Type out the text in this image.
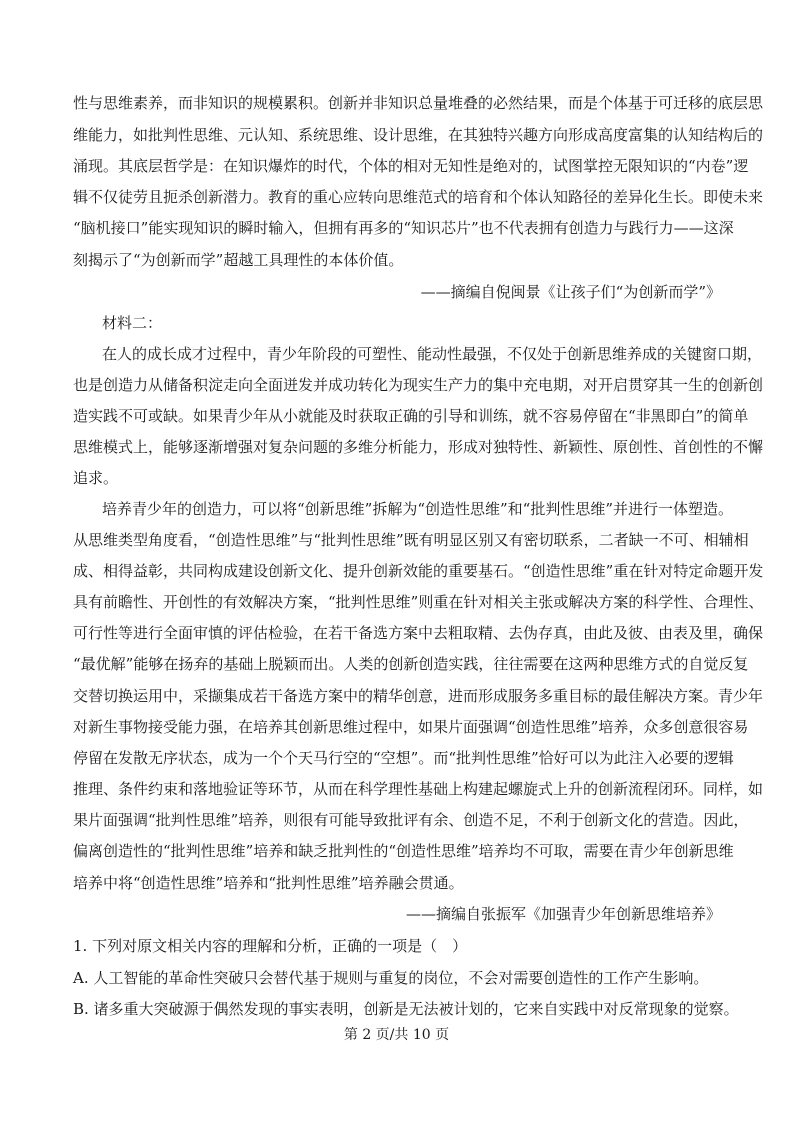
性与思维素养，而非知识的规模累积。创新并非知识总量堆叠的必然结果，而是个体基于可迁移的底层思
维能力，如批判性思维、元认知、系统思维、设计思维，在其独特兴趣方向形成高度富集的认知结构后的
涌现。其底层哲学是：在知识爆炸的时代，个体的相对无知性是绝对的，试图掌控无限知识的“内卷”逻
辑不仅徒劳且扼杀创新潜力。教育的重心应转向思维范式的培育和个体认知路径的差异化生长。即使未来
“脑机接口”能实现知识的瞬时输入，但拥有再多的“知识芯片”也不代表拥有创造力与践行力——这深
刻揭示了“为创新而学”超越工具理性的本体价值。
——摘编自倪闽景《让孩子们“为创新而学”》
材料二：
在人的成长成才过程中，青少年阶段的可塑性、能动性最强，不仅处于创新思维养成的关键窗口期，
也是创造力从储备积淀走向全面迸发并成功转化为现实生产力的集中充电期，对开启贯穿其一生的创新创
造实践不可或缺。如果青少年从小就能及时获取正确的引导和训练，就不容易停留在“非黑即白”的简单
思维模式上，能够逐渐增强对复杂问题的多维分析能力，形成对独特性、新颖性、原创性、首创性的不懈
追求。
培养青少年的创造力，可以将“创新思维”拆解为“创造性思维”和“批判性思维”并进行一体塑造。
从思维类型角度看，“创造性思维”与“批判性思维”既有明显区别又有密切联系，二者缺一不可、相辅相
成、相得益彰，共同构成建设创新文化、提升创新效能的重要基石。“创造性思维”重在针对特定命题开发
具有前瞻性、开创性的有效解决方案，“批判性思维”则重在针对相关主张或解决方案的科学性、合理性、
可行性等进行全面审慎的评估检验，在若干备选方案中去粗取精、去伪存真，由此及彼、由表及里，确保
“最优解”能够在扬弃的基础上脱颖而出。人类的创新创造实践，往往需要在这两种思维方式的自觉反复
交替切换运用中，采撷集成若干备选方案中的精华创意，进而形成服务多重目标的最佳解决方案。青少年
对新生事物接受能力强，在培养其创新思维过程中，如果片面强调“创造性思维”培养，众多创意很容易
停留在发散无序状态，成为一个个天马行空的“空想”。而“批判性思维”恰好可以为此注入必要的逻辑
推理、条件约束和落地验证等环节，从而在科学理性基础上构建起螺旋式上升的创新流程闭环。同样，如
果片面强调“批判性思维”培养，则很有可能导致批评有余、创造不足，不利于创新文化的营造。因此，
偏离创造性的“批判性思维”培养和缺乏批判性的“创造性思维”培养均不可取，需要在青少年创新思维
培养中将“创造性思维”培养和“批判性思维”培养融会贯通。
——摘编自张振军《加强青少年创新思维培养》
1. 下列对原文相关内容的理解和分析，正确的一项是（　）
A. 人工智能的革命性突破只会替代基于规则与重复的岗位，不会对需要创造性的工作产生影响。
B. 诸多重大突破源于偶然发现的事实表明，创新是无法被计划的，它来自实践中对反常现象的觉察。
第 2 页/共 10 页
